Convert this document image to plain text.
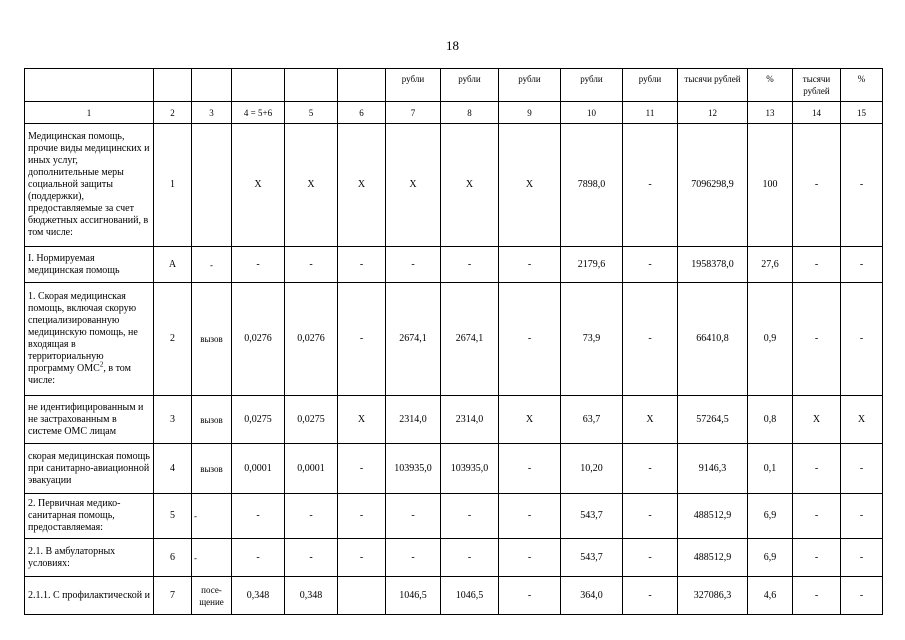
18
						рубли	рубли	рубли	рубли	рубли	тысячи рублей	%	тысячи рублей	%
1	2	3	4 = 5+6	5	6	7	8	9	10	11	12	13	14	15
Медицинская помощь, прочие виды медицинских и иных услуг, дополнительные меры социальной защиты (поддержки), предоставляемые за счет бюджетных ассигнований, в том числе:	1		X	X	X	X	X	X	7898,0	-	7096298,9	100	-	-
I. Нормируемая медицинская помощь	А	-	-	-	-	-	-	-	2179,6	-	1958378,0	27,6	-	-
1. Скорая медицинская помощь, включая скорую специализированную медицинскую помощь, не входящая в территориальную программу ОМС$^2$, в том числе:	2	вызов	0,0276	0,0276	-	2674,1	2674,1	-	73,9	-	66410,8	0,9	-	-
не идентифицированным и не застрахованным в системе ОМС лицам	3	вызов	0,0275	0,0275	X	2314,0	2314,0	X	63,7	X	57264,5	0,8	X	X
скорая медицинская помощь при санитарно-авиационной эвакуации	4	вызов	0,0001	0,0001	-	103935,0	103935,0	-	10,20	-	9146,3	0,1	-	-
2. Первичная медико-санитарная помощь, предоставляемая:	5	-	-	-	-	-	-	-	543,7	-	488512,9	6,9	-	-
2.1. В амбулаторных условиях:	6	-	-	-	-	-	-	-	543,7	-	488512,9	6,9	-	-
2.1.1. С профилактической и	7	посе-щение	0,348	0,348		1046,5	1046,5	-	364,0	-	327086,3	4,6	-	-
